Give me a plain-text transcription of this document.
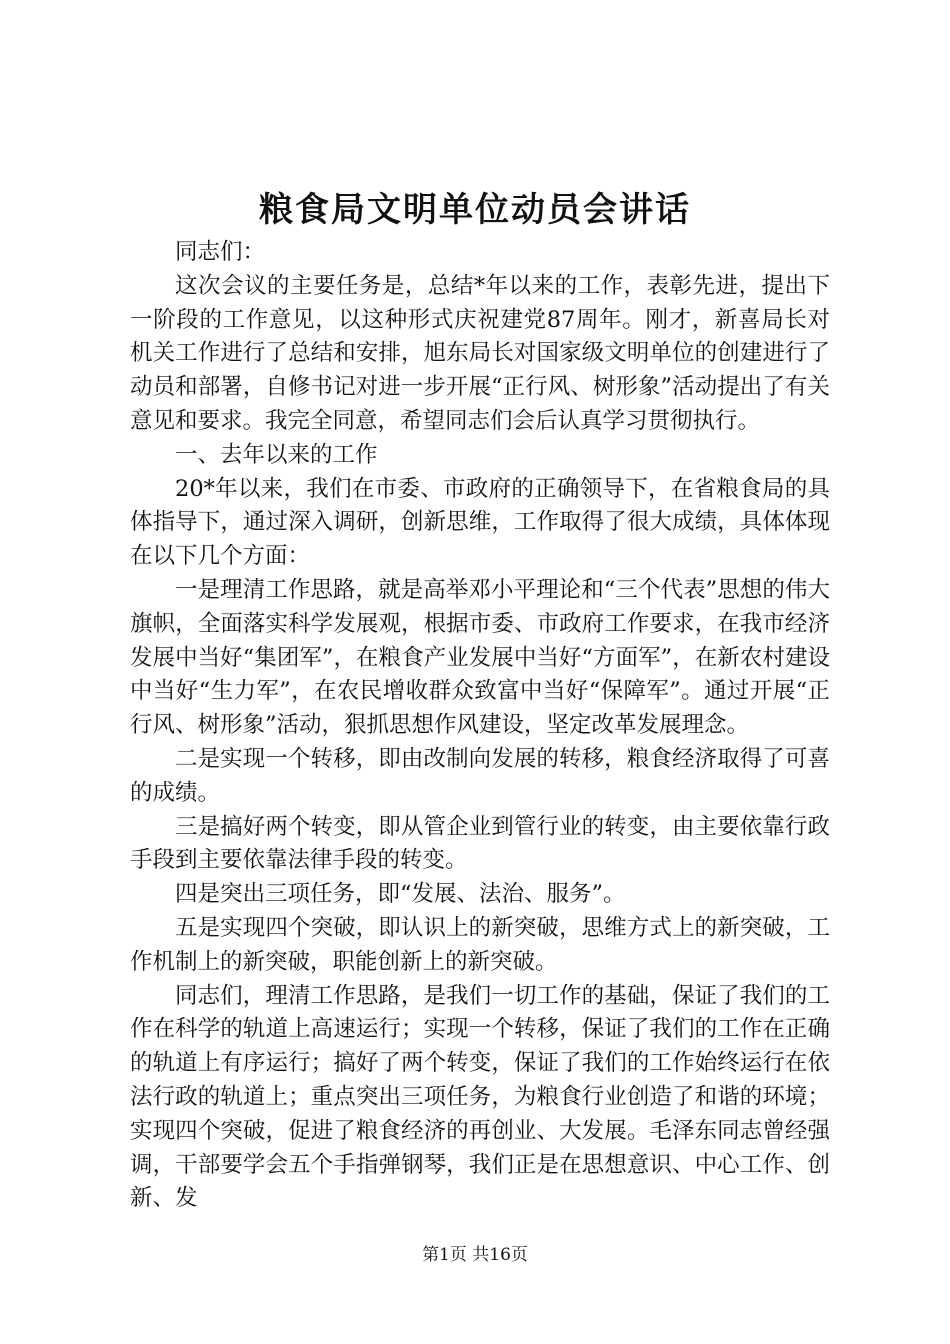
粮食局文明单位动员会讲话

同志们：

这次会议的主要任务是，总结*年以来的工作，表彰先进，提出下一阶段的工作意见，以这种形式庆祝建党87周年。刚才，新喜局长对机关工作进行了总结和安排，旭东局长对国家级文明单位的创建进行了动员和部署，自修书记对进一步开展“正行风、树形象”活动提出了有关意见和要求。我完全同意，希望同志们会后认真学习贯彻执行。

一、去年以来的工作

20*年以来，我们在市委、市政府的正确领导下，在省粮食局的具体指导下，通过深入调研，创新思维，工作取得了很大成绩，具体体现在以下几个方面：

一是理清工作思路，就是高举邓小平理论和“三个代表”思想的伟大旗帜，全面落实科学发展观，根据市委、市政府工作要求，在我市经济发展中当好“集团军”，在粮食产业发展中当好“方面军”，在新农村建设中当好“生力军”，在农民增收群众致富中当好“保障军”。通过开展“正行风、树形象”活动，狠抓思想作风建设，坚定改革发展理念。

二是实现一个转移，即由改制向发展的转移，粮食经济取得了可喜的成绩。

三是搞好两个转变，即从管企业到管行业的转变，由主要依靠行政手段到主要依靠法律手段的转变。

四是突出三项任务，即“发展、法治、服务”。

五是实现四个突破，即认识上的新突破，思维方式上的新突破，工作机制上的新突破，职能创新上的新突破。

同志们，理清工作思路，是我们一切工作的基础，保证了我们的工作在科学的轨道上高速运行；实现一个转移，保证了我们的工作在正确的轨道上有序运行；搞好了两个转变，保证了我们的工作始终运行在依法行政的轨道上；重点突出三项任务，为粮食行业创造了和谐的环境；实现四个突破，促进了粮食经济的再创业、大发展。毛泽东同志曾经强调，干部要学会五个手指弹钢琴，我们正是在思想意识、中心工作、创新、发

第1页 共16页
